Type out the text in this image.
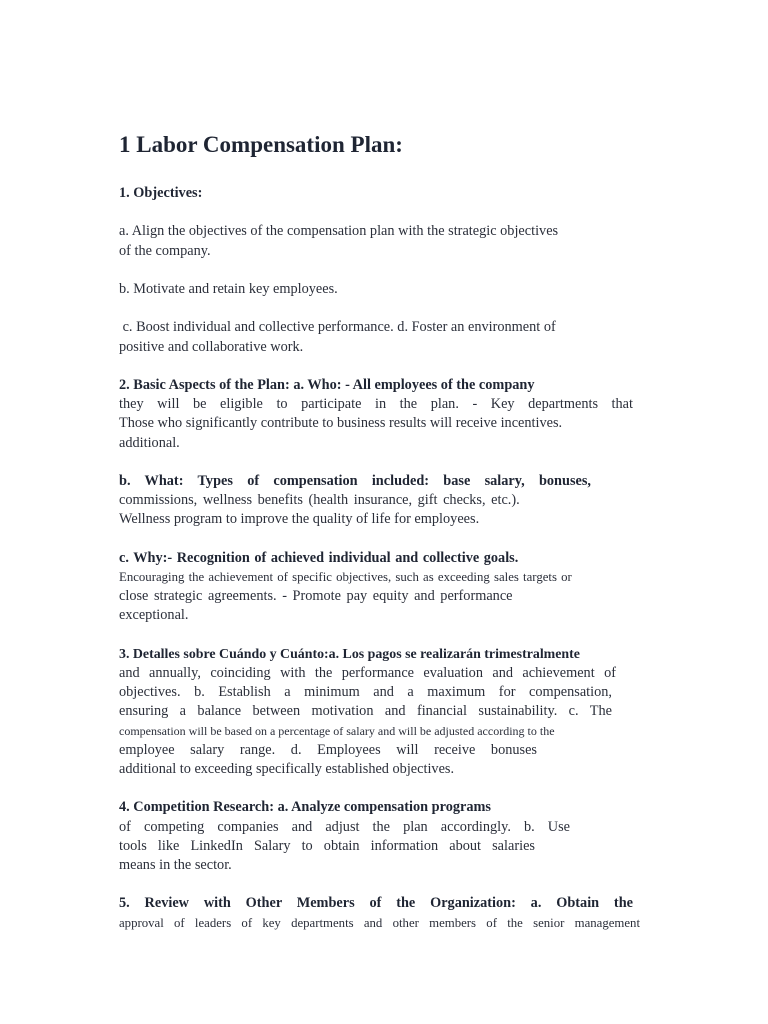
1 Labor Compensation Plan:
1. Objectives:
a. Align the objectives of the compensation plan with the strategic objectives
of the company.
b. Motivate and retain key employees.
c. Boost individual and collective performance. d. Foster an environment of
positive and collaborative work.
2. Basic Aspects of the Plan: a. Who: - All employees of the company
they will be eligible to participate in the plan. - Key departments that
Those who significantly contribute to business results will receive incentives.
additional.
b. What: Types of compensation included: base salary, bonuses,
commissions, wellness benefits (health insurance, gift checks, etc.).
Wellness program to improve the quality of life for employees.
c. Why:- Recognition of achieved individual and collective goals.
Encouraging the achievement of specific objectives, such as exceeding sales targets or
close strategic agreements. - Promote pay equity and performance
exceptional.
3. Detalles sobre Cuándo y Cuánto:a. Los pagos se realizarán trimestralmente
and annually, coinciding with the performance evaluation and achievement of
objectives. b. Establish a minimum and a maximum for compensation,
ensuring a balance between motivation and financial sustainability. c. The
compensation will be based on a percentage of salary and will be adjusted according to the
employee salary range. d. Employees will receive bonuses
additional to exceeding specifically established objectives.
4. Competition Research: a. Analyze compensation programs
of competing companies and adjust the plan accordingly. b. Use
tools like LinkedIn Salary to obtain information about salaries
means in the sector.
5. Review with Other Members of the Organization: a. Obtain the
approval of leaders of key departments and other members of the senior management
